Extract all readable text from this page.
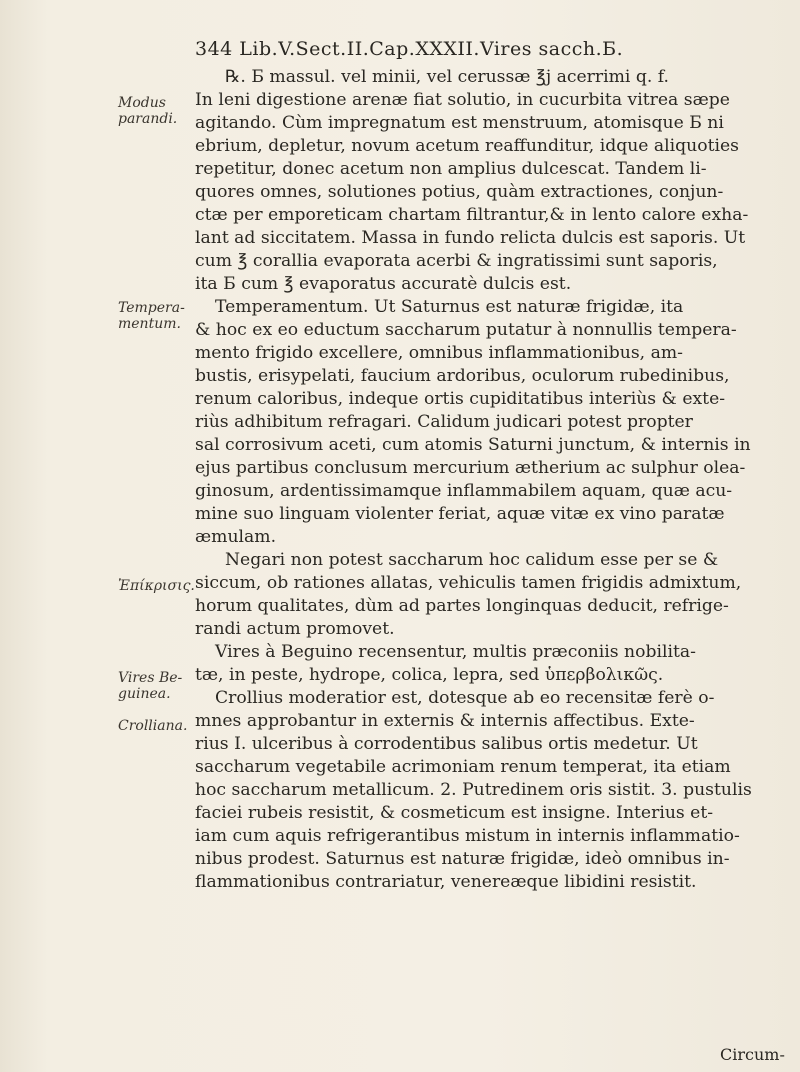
344 Lib.V.Sect.II.Cap.XXXII.Vires sacch.Б.
Modus parandi.
Tempera-mentum.
Ἐπίκρισις.
Vires Be-guinea.
Crolliana.
℞. Б massul. vel minii, vel cerussæ ℥j acerrimi q. f.
In leni digestione arenæ fiat solutio, in cucurbita vitrea sæpe
agitando. Cùm impregnatum est menstruum, atomisque Б ni
ebrium, depletur, novum acetum reaffunditur, idque aliquoties
repetitur, donec acetum non amplius dulcescat. Tandem li-
quores omnes, solutiones potius, quàm extractiones, conjun-
ctæ per emporeticam chartam filtrantur,& in lento calore exha-
lant ad siccitatem. Massa in fundo relicta dulcis est saporis. Ut
cum ℥ corallia evaporata acerbi & ingratissimi sunt saporis,
ita Б cum ℥ evaporatus accuratè dulcis est.
Temperamentum. Ut Saturnus est naturæ frigidæ, ita
& hoc ex eo eductum saccharum putatur à nonnullis tempera-
mento frigido excellere, omnibus inflammationibus, am-
bustis, erisypelati, faucium ardoribus, oculorum rubedinibus,
renum caloribus, indeque ortis cupiditatibus interiùs & exte-
riùs adhibitum refragari. Calidum judicari potest propter
sal corrosivum aceti, cum atomis Saturni junctum, & internis in
ejus partibus conclusum mercurium ætherium ac sulphur olea-
ginosum, ardentissimamque inflammabilem aquam, quæ acu-
mine suo linguam violenter feriat, aquæ vitæ ex vino paratæ
æmulam.
Negari non potest saccharum hoc calidum esse per se &
siccum, ob rationes allatas, vehiculis tamen frigidis admixtum,
horum qualitates, dùm ad partes longinquas deducit, refrige-
randi actum promovet.
Vires à Beguino recensentur, multis præconiis nobilita-
tæ, in peste, hydrope, colica, lepra, sed ὑπερβολικῶς.
Crollius moderatior est, dotesque ab eo recensitæ ferè o-
mnes approbantur in externis & internis affectibus. Exte-
rius I. ulceribus à corrodentibus salibus ortis medetur. Ut
saccharum vegetabile acrimoniam renum temperat, ita etiam
hoc saccharum metallicum. 2. Putredinem oris sistit. 3. pustulis
faciei rubeis resistit, & cosmeticum est insigne. Interius et-
iam cum aquis refrigerantibus mistum in internis inflammatio-
nibus prodest. Saturnus est naturæ frigidæ, ideò omnibus in-
flammationibus contrariatur, venereæque libidini resistit.
Circum-
